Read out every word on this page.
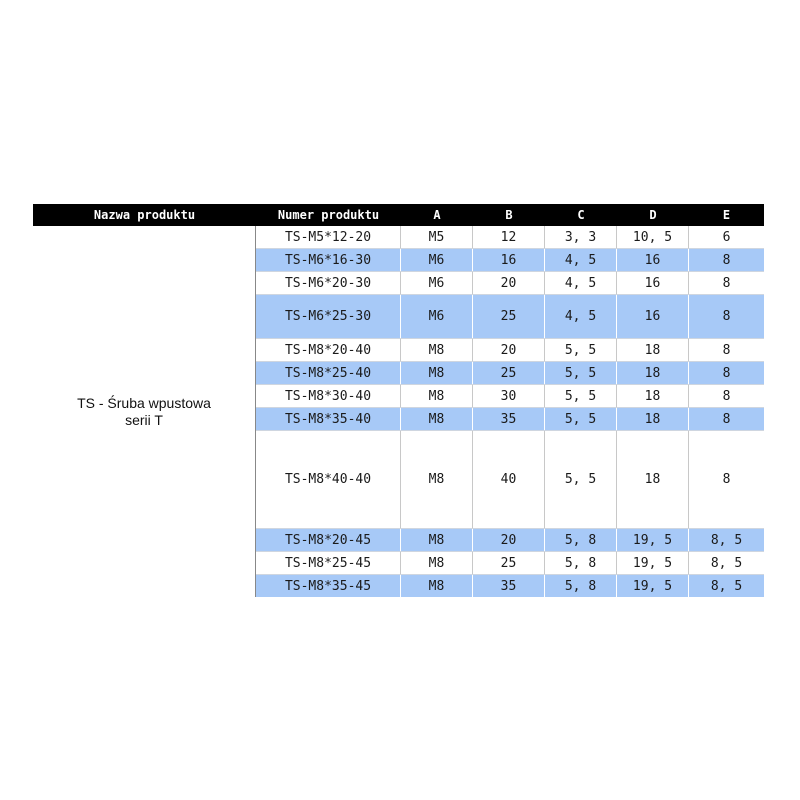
Nazwa produktu	Numer produktu	A	B	C	D	E
TS - Śruba wpustowa
serii T
TS-M5*12-20	M5	12	3, 3	10, 5	6
TS-M6*16-30	M6	16	4, 5	16	8
TS-M6*20-30	M6	20	4, 5	16	8
TS-M6*25-30	M6	25	4, 5	16	8
TS-M8*20-40	M8	20	5, 5	18	8
TS-M8*25-40	M8	25	5, 5	18	8
TS-M8*30-40	M8	30	5, 5	18	8
TS-M8*35-40	M8	35	5, 5	18	8
TS-M8*40-40	M8	40	5, 5	18	8
TS-M8*20-45	M8	20	5, 8	19, 5	8, 5
TS-M8*25-45	M8	25	5, 8	19, 5	8, 5
TS-M8*35-45	M8	35	5, 8	19, 5	8, 5
